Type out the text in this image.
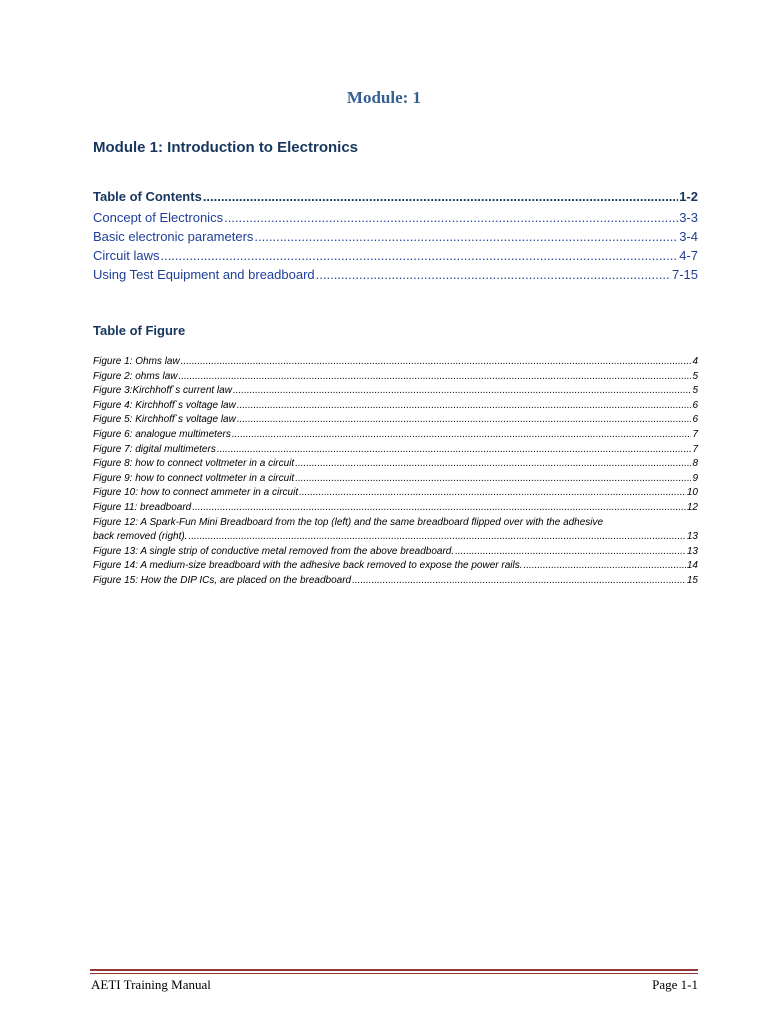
Module: 1
Module 1: Introduction to Electronics
Table of Contents .....	1-2
Concept of Electronics .....	3-3
Basic electronic parameters .....	3-4
Circuit laws .....	4-7
Using Test Equipment and breadboard .....	7-15
Table of Figure
Figure 1: Ohms law .....	4
Figure 2: ohms law .....	5
Figure 3:Kirchhoff`s current law .....	5
Figure 4: Kirchhoff`s voltage law .....	6
Figure 5: Kirchhoff`s voltage law .....	6
Figure 6: analogue multimeters .....	7
Figure 7: digital multimeters .....	7
Figure 8: how to connect voltmeter in a circuit .....	8
Figure 9: how to connect voltmeter in a circuit .....	9
Figure 10: how to connect ammeter in a circuit .....	10
Figure 11: breadboard .....	12
Figure 12: A Spark-Fun Mini Breadboard from the top (left) and the same breadboard flipped over with the adhesive
back removed (right). .....	13
Figure 13: A single strip of conductive metal removed from the above breadboard. .....	13
Figure 14: A medium-size breadboard with the adhesive back removed to expose the power rails. .....	14
Figure 15: How the DIP ICs, are placed on the breadboard .....	15
AETI Training Manual	Page 1-1
